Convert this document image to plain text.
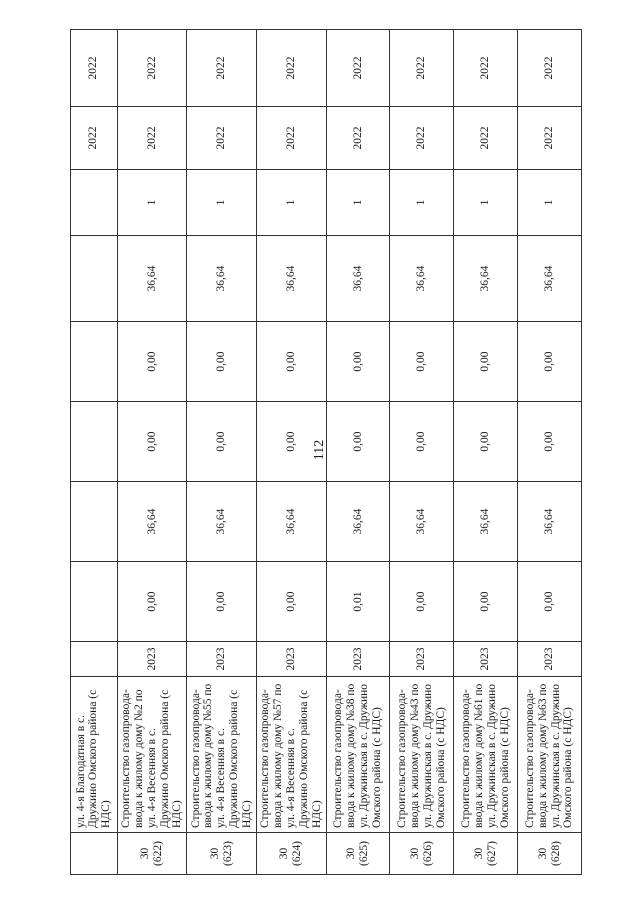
112
	ул. 4-я Благодатная в с. Дружино Омского района (с НДС)								2022	2022

30 (622)	Строительство газопровода-ввода к жилому дому №2 по ул. 4-я Весенняя в с. Дружино Омского района (с НДС)	2023	0,00	36,64	0,00	0,00	36,64	1	2022	2022

30 (623)	Строительство газопровода-ввода к жилому дому №55 по ул. 4-я Весенняя в с. Дружино Омского района (с НДС)	2023	0,00	36,64	0,00	0,00	36,64	1	2022	2022

30 (624)	Строительство газопровода-ввода к жилому дому №57 по ул. 4-я Весенняя в с. Дружино Омского района (с НДС)	2023	0,00	36,64	0,00	0,00	36,64	1	2022	2022

30 (625)	Строительство газопровода-ввода к жилому дому №38 по ул. Дружинская в с. Дружино Омского района (с НДС)	2023	0,01	36,64	0,00	0,00	36,64	1	2022	2022

30 (626)	Строительство газопровода-ввода к жилому дому №43 по ул. Дружинская в с. Дружино Омского района (с НДС)	2023	0,00	36,64	0,00	0,00	36,64	1	2022	2022

30 (627)	Строительство газопровода-ввода к жилому дому №61 по ул. Дружинская в с. Дружино Омского района (с НДС)	2023	0,00	36,64	0,00	0,00	36,64	1	2022	2022

30 (628)	Строительство газопровода-ввода к жилому дому №63 по ул. Дружинская в с. Дружино Омского района (с НДС)	2023	0,00	36,64	0,00	0,00	36,64	1	2022	2022
